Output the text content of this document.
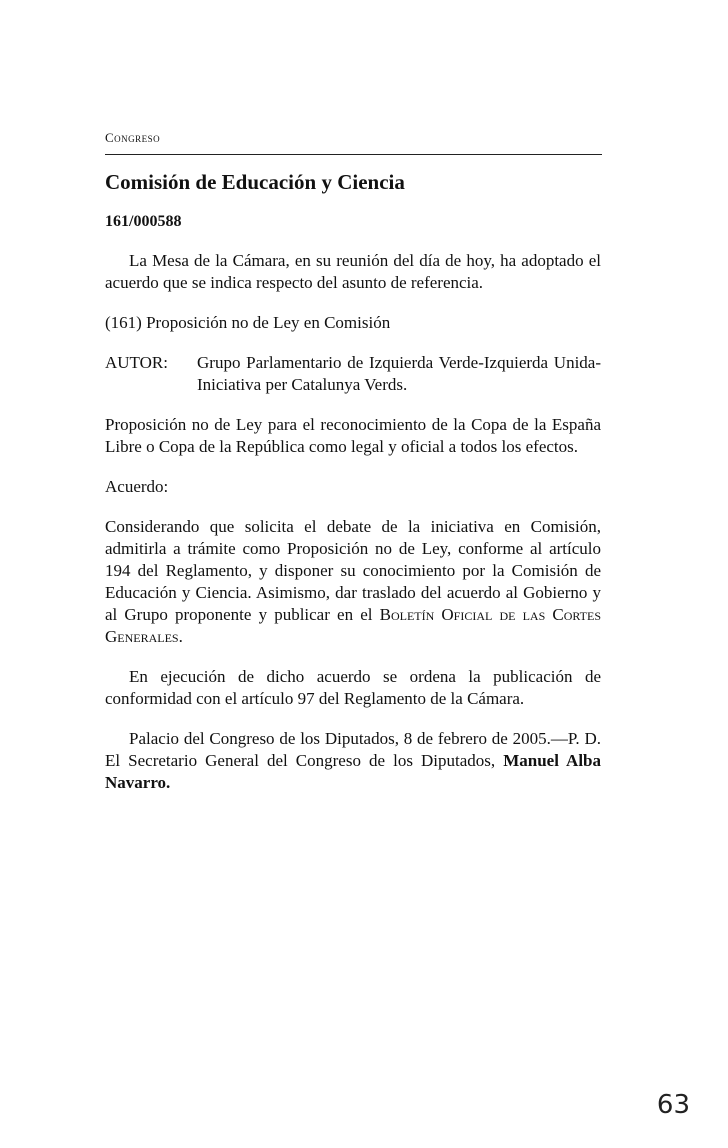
Congreso

Comisión de Educación y Ciencia

161/000588

La Mesa de la Cámara, en su reunión del día de hoy, ha adoptado el acuerdo que se indica respecto del asunto de referencia.

(161) Proposición no de Ley en Comisión

AUTOR:	Grupo Parlamentario de Izquierda Verde-Izquierda Unida-Iniciativa per Catalunya Verds.

Proposición no de Ley para el reconocimiento de la Copa de la España Libre o Copa de la República como legal y oficial a todos los efectos.

Acuerdo:

Considerando que solicita el debate de la iniciativa en Comisión, admitirla a trámite como Proposición no de Ley, conforme al artículo 194 del Reglamento, y disponer su conocimiento por la Comisión de Educación y Ciencia. Asimismo, dar traslado del acuerdo al Gobierno y al Grupo proponente y publicar en el Boletín Oficial de las Cortes Generales.

En ejecución de dicho acuerdo se ordena la publicación de conformidad con el artículo 97 del Reglamento de la Cámara.

Palacio del Congreso de los Diputados, 8 de febrero de 2005.—P. D. El Secretario General del Congreso de los Diputados, Manuel Alba Navarro.

63
